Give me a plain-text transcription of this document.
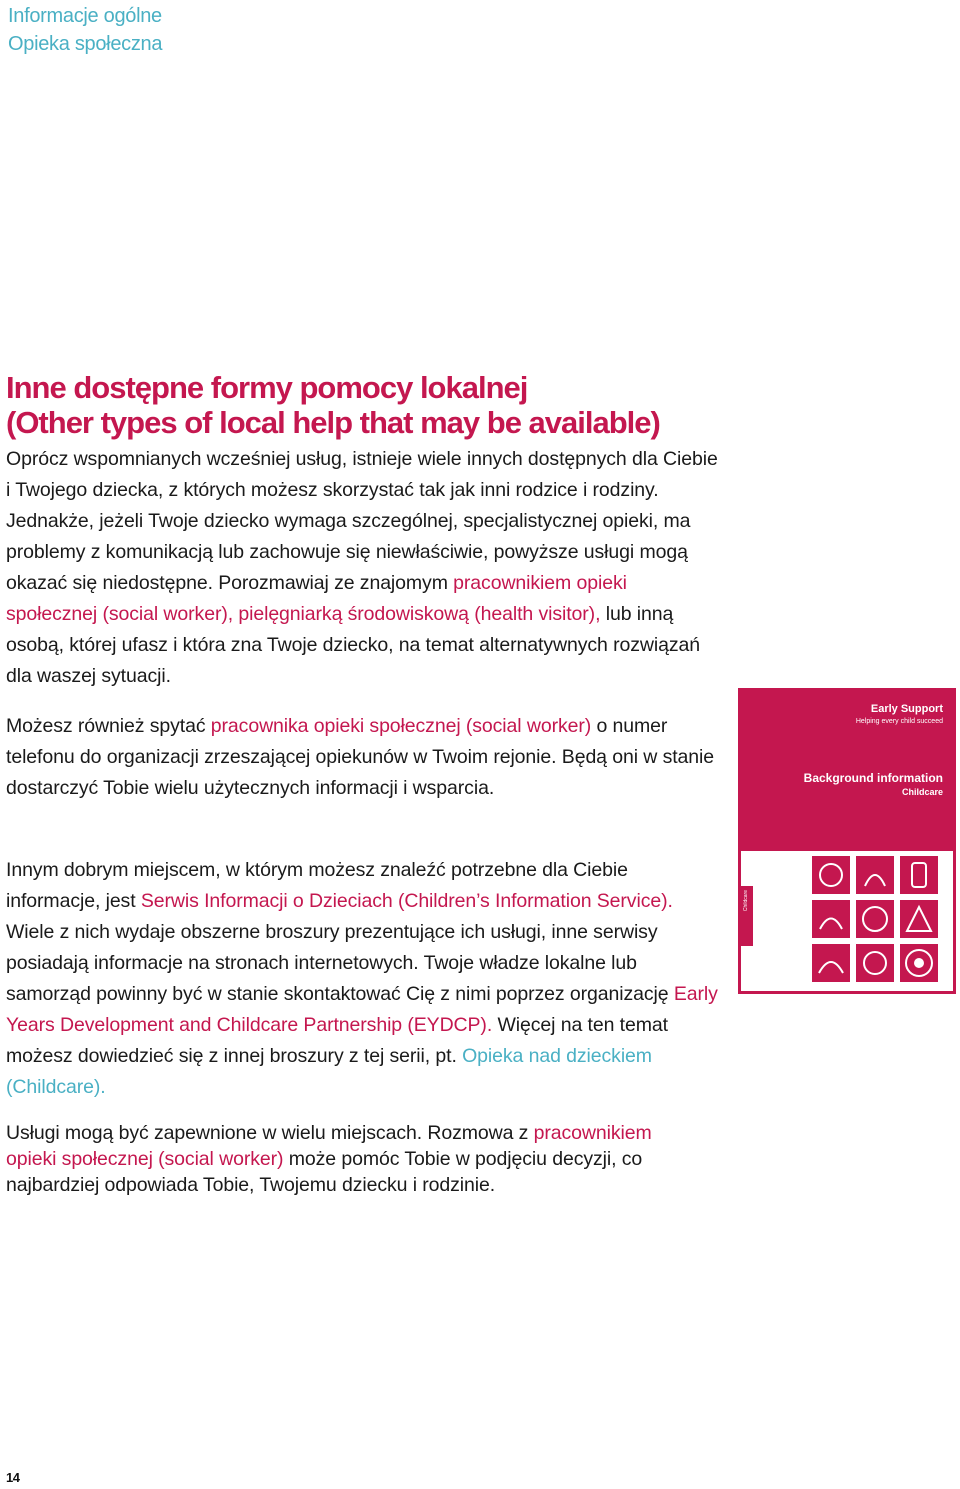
Informacje ogólne
Opieka społeczna
Inne dostępne formy pomocy lokalnej
(Other types of local help that may be available)

Oprócz wspomnianych wcześniej usług, istnieje wiele innych dostępnych dla Ciebie i Twojego dziecka, z których możesz skorzystać tak jak inni rodzice i rodziny. Jednakże, jeżeli Twoje dziecko wymaga szczególnej, specjalistycznej opieki, ma problemy z komunikacją lub zachowuje się niewłaściwie, powyższe usługi mogą okazać się niedostępne. Porozmawiaj ze znajomym pracownikiem opieki społecznej (social worker), pielęgniarką środowiskową (health visitor), lub inną osobą, której ufasz i która zna Twoje dziecko, na temat alternatywnych rozwiązań dla waszej sytuacji.

Możesz również spytać pracownika opieki społecznej (social worker) o numer telefonu do organizacji zrzeszającej opiekunów w Twoim rejonie. Będą oni w stanie dostarczyć Tobie wielu użytecznych informacji i wsparcia.

Innym dobrym miejscem, w którym możesz znaleźć potrzebne dla Ciebie informacje, jest Serwis Informacji o Dzieciach (Children’s Information Service). Wiele z nich wydaje obszerne broszury prezentujące ich usługi, inne serwisy posiadają informacje na stronach internetowych. Twoje władze lokalne lub samorząd powinny być w stanie skontaktować Cię z nimi poprzez organizację Early Years Development and Childcare Partnership (EYDCP). Więcej na ten temat możesz dowiedzieć się z innej broszury z tej serii, pt. Opieka nad dzieckiem (Childcare).

Usługi mogą być zapewnione w wielu miejscach. Rozmowa z pracownikiem opieki społecznej (social worker) może pomóc Tobie w podjęciu decyzji, co najbardziej odpowiada Tobie, Twojemu dziecku i rodzinie.

Early Support
Helping every child succeed
Background information
Childcare
Childcare
14
